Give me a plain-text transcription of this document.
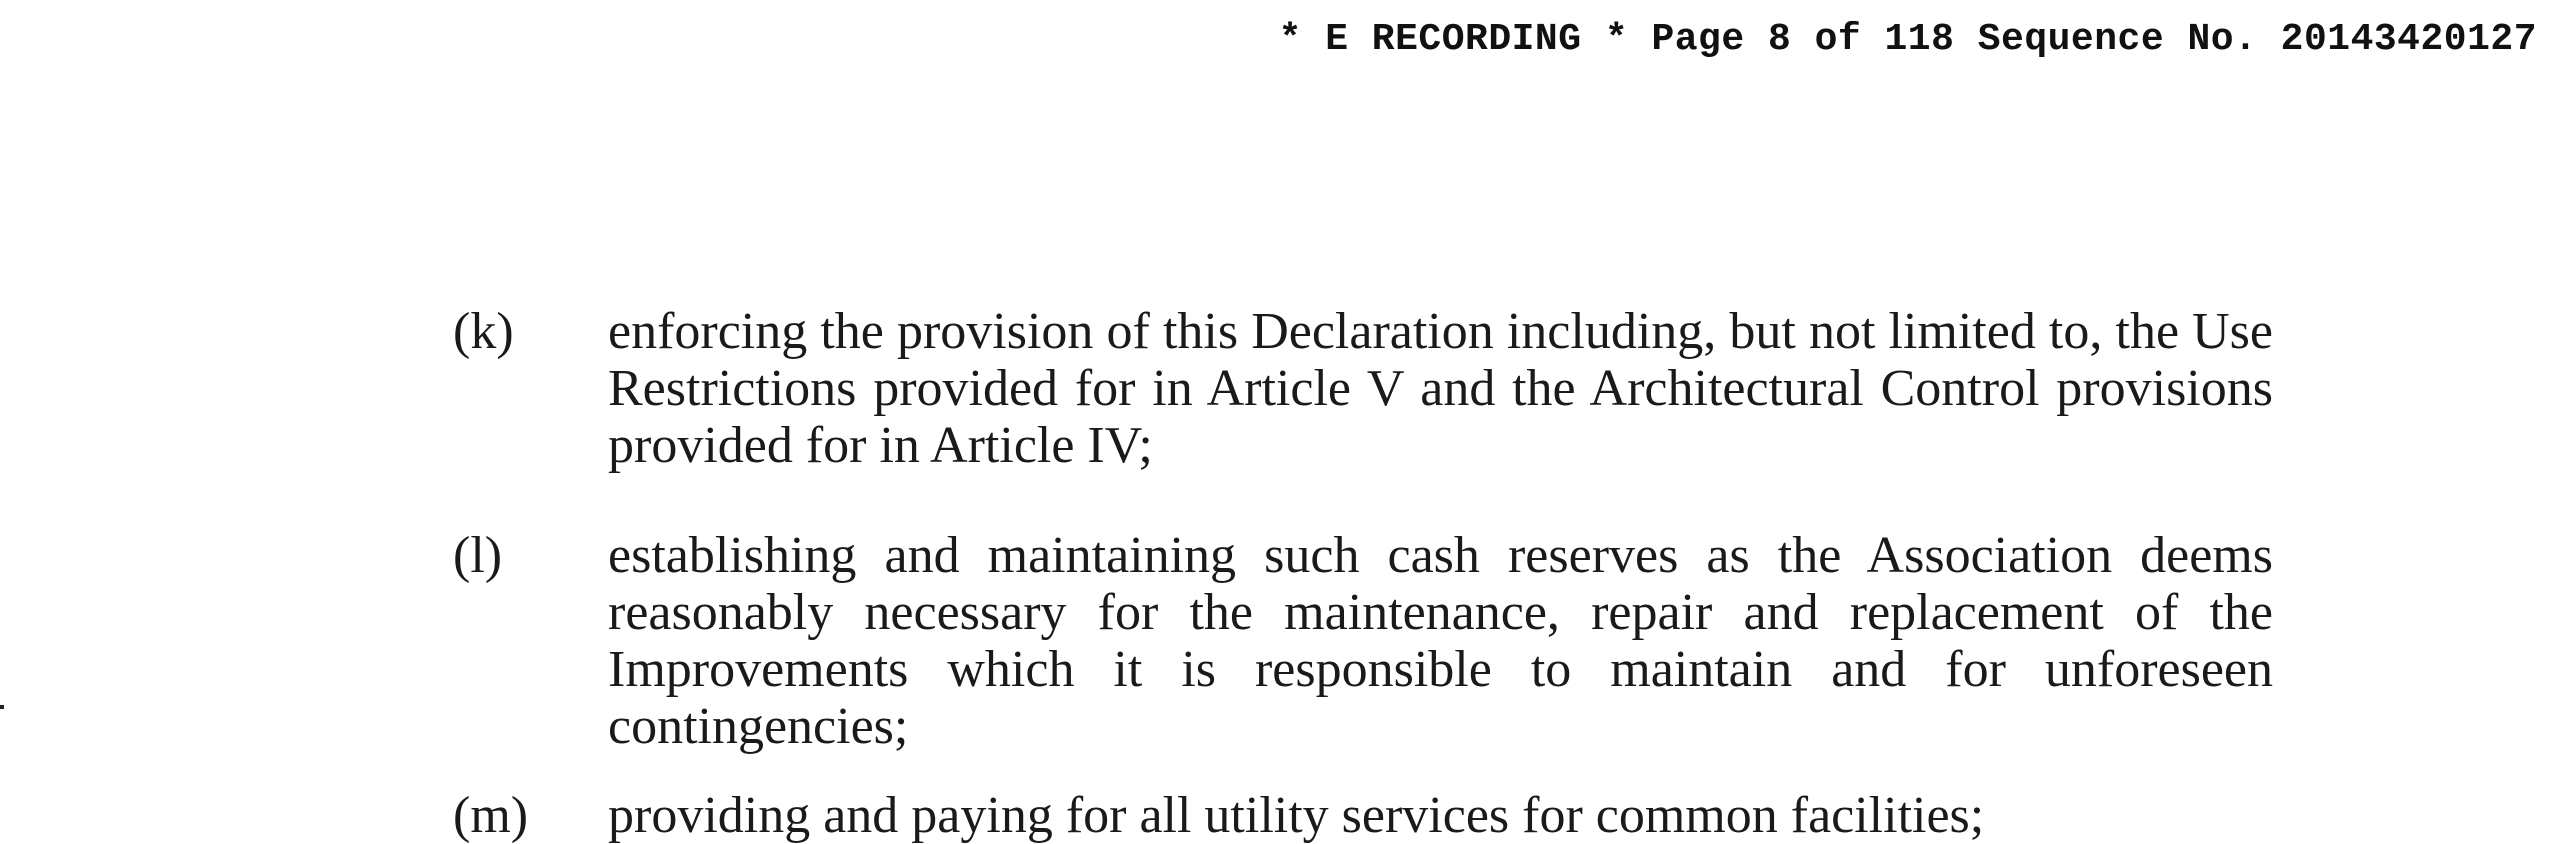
* E RECORDING * Page 8 of 118 Sequence No. 20143420127
(k) enforcing the provision of this Declaration including, but not limited to, the Use
Restrictions provided for in Article V and the Architectural Control provisions
provided for in Article IV;
(l) establishing and maintaining such cash reserves as the Association deems
reasonably necessary for the maintenance, repair and replacement of the
Improvements which it is responsible to maintain and for unforeseen
contingencies;
(m) providing and paying for all utility services for common facilities;
